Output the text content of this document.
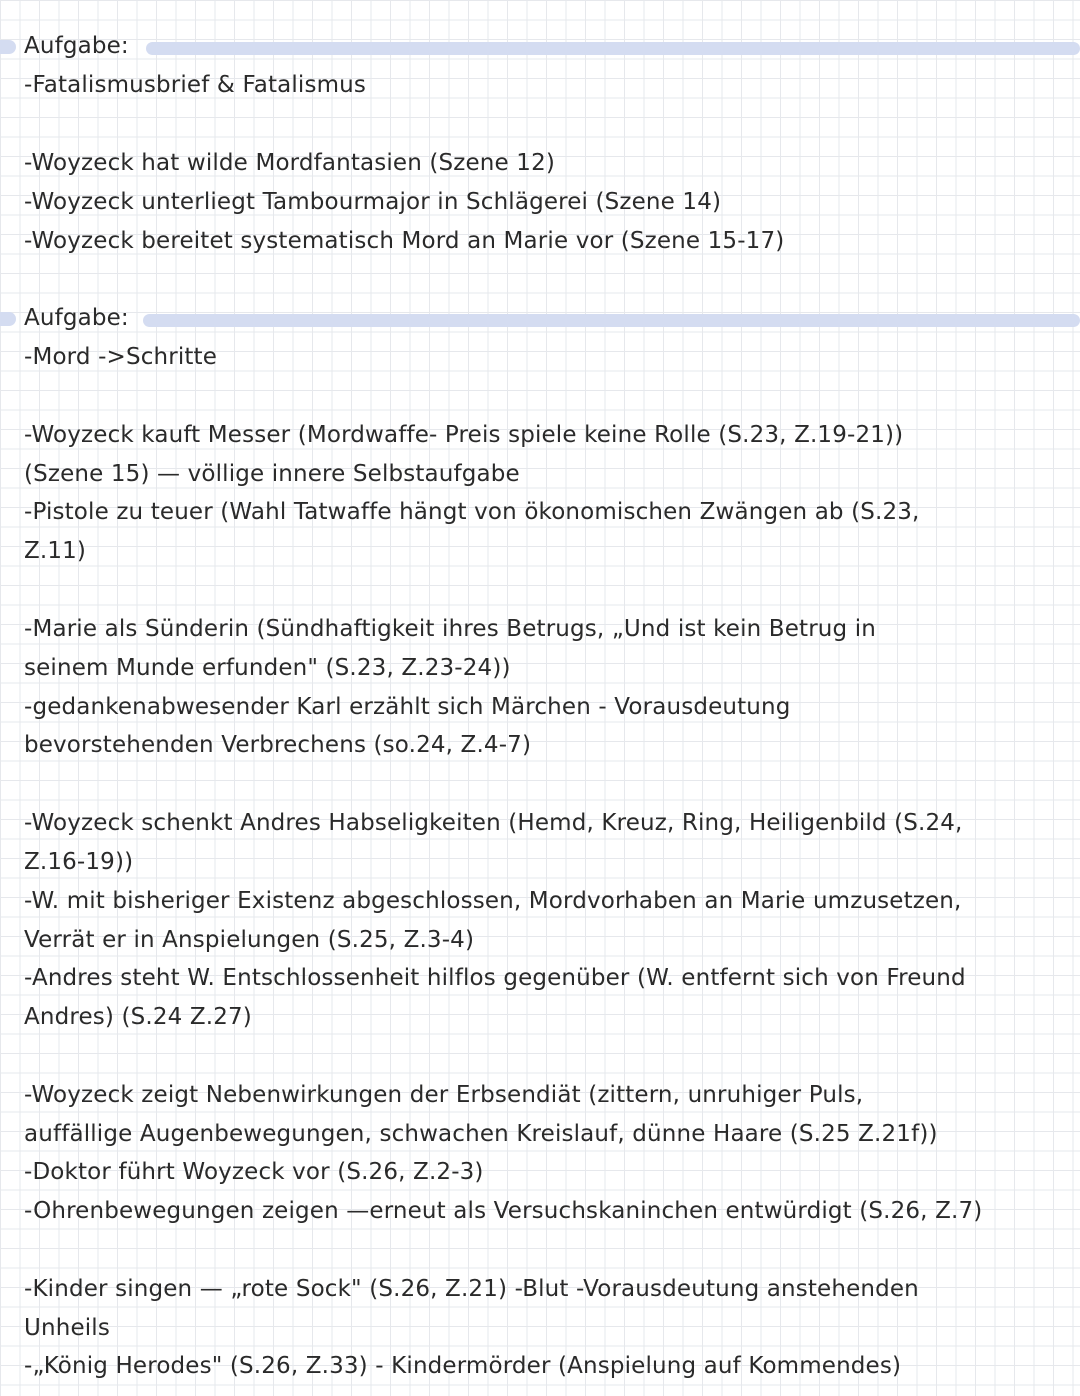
Aufgabe:
-Fatalismusbrief & Fatalismus
-Woyzeck hat wilde Mordfantasien (Szene 12)
-Woyzeck unterliegt Tambourmajor in Schlägerei (Szene 14)
-Woyzeck bereitet systematisch Mord an Marie vor (Szene 15-17)
Aufgabe:
-Mord ->Schritte
-Woyzeck kauft Messer (Mordwaffe- Preis spiele keine Rolle (S.23, Z.19-21))
(Szene 15) — völlige innere Selbstaufgabe
-Pistole zu teuer (Wahl Tatwaffe hängt von ökonomischen Zwängen ab (S.23,
Z.11)
-Marie als Sünderin (Sündhaftigkeit ihres Betrugs, „Und ist kein Betrug in
seinem Munde erfunden" (S.23, Z.23-24))
-gedankenabwesender Karl erzählt sich Märchen - Vorausdeutung
bevorstehenden Verbrechens (so.24, Z.4-7)
-Woyzeck schenkt Andres Habseligkeiten (Hemd, Kreuz, Ring, Heiligenbild (S.24,
Z.16-19))
-W. mit bisheriger Existenz abgeschlossen, Mordvorhaben an Marie umzusetzen,
Verrät er in Anspielungen (S.25, Z.3-4)
-Andres steht W. Entschlossenheit hilflos gegenüber (W. entfernt sich von Freund
Andres) (S.24 Z.27)
-Woyzeck zeigt Nebenwirkungen der Erbsendiät (zittern, unruhiger Puls,
auffällige Augenbewegungen, schwachen Kreislauf, dünne Haare (S.25 Z.21f))
-Doktor führt Woyzeck vor (S.26, Z.2-3)
-Ohrenbewegungen zeigen —erneut als Versuchskaninchen entwürdigt (S.26, Z.7)
-Kinder singen — „rote Sock" (S.26, Z.21) -Blut -Vorausdeutung anstehenden
Unheils
-„König Herodes" (S.26, Z.33) - Kindermörder (Anspielung auf Kommendes)
